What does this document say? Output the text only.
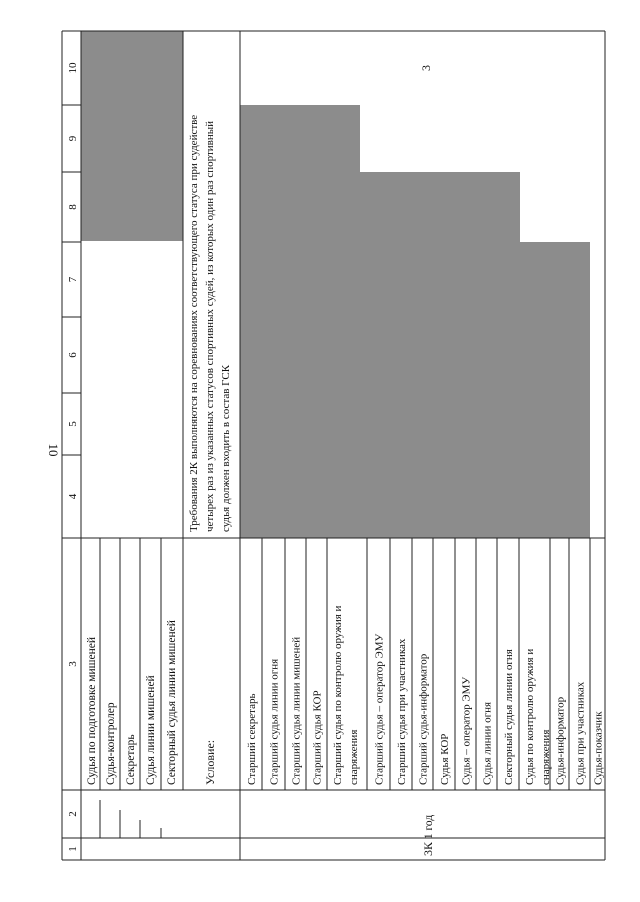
10
1
2
3
4
5
6
7
8
9
10
Судья по подготовке мишеней Судья-контролер Секретарь Судья линии мишеней Секторный судья линии мишеней Условие:
Требования 2К выполняются на соревнованиях соответствующего статуса при судействе четырех раз из указанных статусов спортивных судей, из которых один раз спортивный судья должен входить в состав ГСК
Старший секретарь Старший судья линии огня Старший судья линии мишеней Старший судья КОР Старший судья по контролю оружия и снаряжения Старший судья – оператор ЭМУ Старший судья при участниках Старший судья-информатор Судья КОР Судья – оператор ЭМУ Судья линии огня Секторный судья линии огня Судья по контролю оружия и снаряжения Судья-информатор Судья при участниках Судья-показчик
1 год
3
3К
